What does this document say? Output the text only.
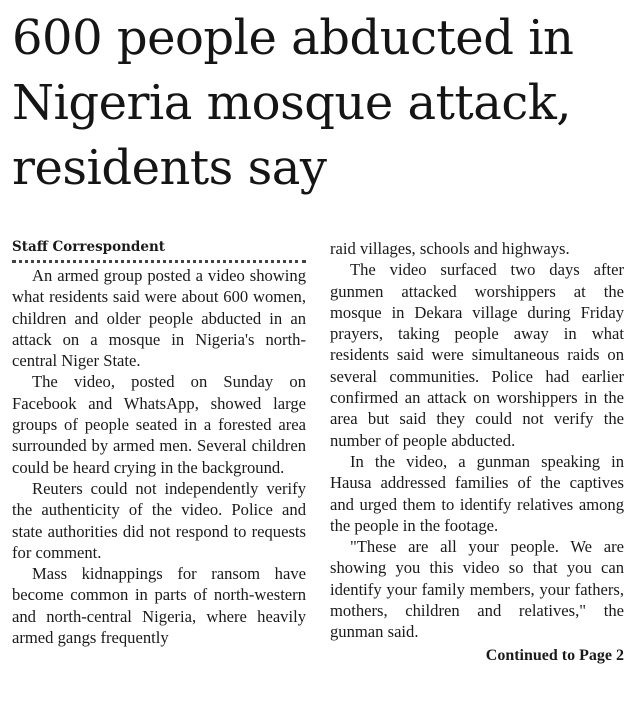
600 people abducted in
Nigeria mosque attack,
residents say
Staff Correspondent

An armed group posted a video showing what residents said were about 600 women, children and older people abducted in an attack on a mosque in Nigeria's north-central Niger State.

The video, posted on Sunday on Facebook and WhatsApp, showed large groups of people seated in a forested area surrounded by armed men. Several children could be heard crying in the background.

Reuters could not independently verify the authenticity of the video. Police and state authorities did not respond to requests for comment.

Mass kidnappings for ransom have become common in parts of north-western and north-central Nigeria, where heavily armed gangs frequently

raid villages, schools and highways.

The video surfaced two days after gunmen attacked worshippers at the mosque in Dekara village during Friday prayers, taking people away in what residents said were simultaneous raids on several communities. Police had earlier confirmed an attack on worshippers in the area but said they could not verify the number of people abducted.

In the video, a gunman speaking in Hausa addressed families of the captives and urged them to identify relatives among the people in the footage.

"These are all your people. We are showing you this video so that you can identify your family members, your fathers, mothers, children and relatives," the gunman said.

Continued to Page 2
